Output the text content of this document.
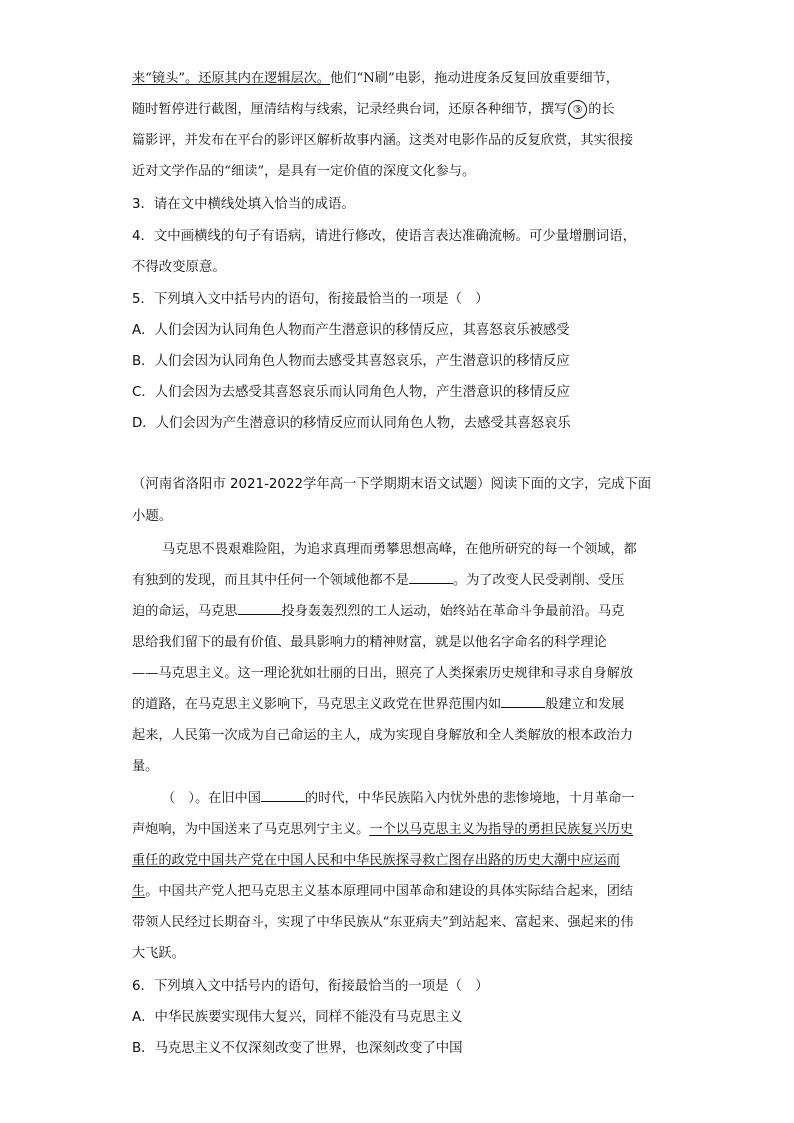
来“镜头”。还原其内在逻辑层次。他们“N刷”电影，拖动进度条反复回放重要细节，
随时暂停进行截图，厘清结构与线索，记录经典台词，还原各种细节，撰写 ③ 的长
篇影评，并发布在平台的影评区解析故事内涵。这类对电影作品的反复欣赏，其实很接
近对文学作品的“细读”，是具有一定价值的深度文化参与。
3．请在文中横线处填入恰当的成语。
4．文中画横线的句子有语病，请进行修改，使语言表达准确流畅。可少量增删词语，
不得改变原意。
5．下列填入文中括号内的语句，衔接最恰当的一项是（　）
A．人们会因为认同角色人物而产生潜意识的移情反应，其喜怒哀乐被感受
B．人们会因为认同角色人物而去感受其喜怒哀乐，产生潜意识的移情反应
C．人们会因为去感受其喜怒哀乐而认同角色人物，产生潜意识的移情反应
D．人们会因为产生潜意识的移情反应而认同角色人物，去感受其喜怒哀乐
（河南省洛阳市 2021-2022学年高一下学期期末语文试题）阅读下面的文字，完成下面
小题。
马克思不畏艰难险阻，为追求真理而勇攀思想高峰，在他所研究的每一个领域，都
有独到的发现，而且其中任何一个领域他都不是	。为了改变人民受剥削、受压
迫的命运，马克思	投身轰轰烈烈的工人运动，始终站在革命斗争最前沿。马克
思给我们留下的最有价值、最具影响力的精神财富，就是以他名字命名的科学理论
——马克思主义。这一理论犹如壮丽的日出，照亮了人类探索历史规律和寻求自身解放
的道路，在马克思主义影响下，马克思主义政党在世界范围内如	般建立和发展
起来，人民第一次成为自己命运的主人，成为实现自身解放和全人类解放的根本政治力
量。
（　）。在旧中国	的时代，中华民族陷入内忧外患的悲惨境地，十月革命一
声炮响，为中国送来了马克思列宁主义。一个以马克思主义为指导的勇担民族复兴历史
重任的政党中国共产党在中国人民和中华民族探寻救亡图存出路的历史大潮中应运而
生。中国共产党人把马克思主义基本原理同中国革命和建设的具体实际结合起来，团结
带领人民经过长期奋斗，实现了中华民族从“东亚病夫”到站起来、富起来、强起来的伟
大飞跃。
6．下列填入文中括号内的语句，衔接最恰当的一项是（　）
A．中华民族要实现伟大复兴，同样不能没有马克思主义
B．马克思主义不仅深刻改变了世界，也深刻改变了中国
